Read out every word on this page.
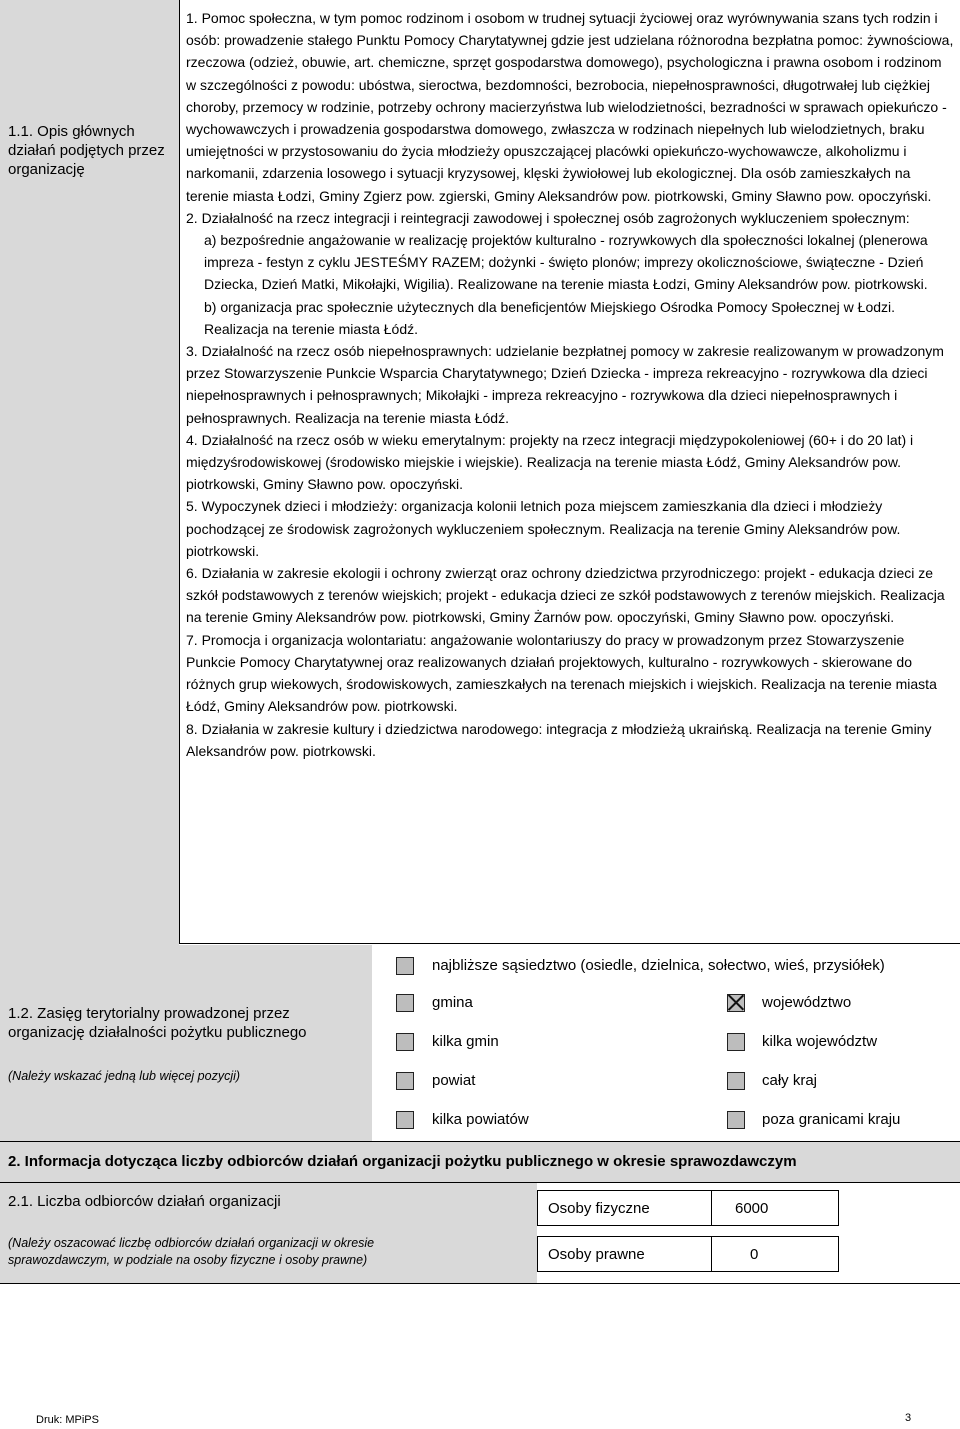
1.1. Opis głównych działań podjętych przez organizację

1. Pomoc społeczna, w tym pomoc rodzinom i osobom w trudnej sytuacji życiowej oraz wyrównywania szans tych rodzin i osób: prowadzenie stałego Punktu Pomocy Charytatywnej gdzie jest udzielana różnorodna bezpłatna pomoc: żywnościowa, rzeczowa (odzież, obuwie, art. chemiczne, sprzęt gospodarstwa domowego), psychologiczna i prawna osobom i rodzinom w szczególności z powodu: ubóstwa, sieroctwa, bezdomności, bezrobocia, niepełnosprawności, długotrwałej lub ciężkiej choroby, przemocy w rodzinie, potrzeby ochrony macierzyństwa lub wielodzietności, bezradności w sprawach opiekuńczo - wychowawczych i prowadzenia gospodarstwa domowego, zwłaszcza w rodzinach niepełnych lub wielodzietnych, braku umiejętności w przystosowaniu do życia młodzieży opuszczającej placówki opiekuńczo-wychowawcze, alkoholizmu i narkomanii, zdarzenia losowego i sytuacji kryzysowej, klęski żywiołowej lub ekologicznej. Dla osób zamieszkałych na terenie miasta Łodzi, Gminy Zgierz pow. zgierski, Gminy Aleksandrów pow. piotrkowski, Gminy Sławno pow. opoczyński.

2. Działalność na rzecz integracji i reintegracji zawodowej i społecznej osób zagrożonych wykluczeniem społecznym:

a) bezpośrednie angażowanie w realizację projektów kulturalno - rozrywkowych dla społeczności lokalnej (plenerowa impreza - festyn z cyklu JESTEŚMY RAZEM; dożynki - święto plonów; imprezy okolicznościowe, świąteczne - Dzień Dziecka, Dzień Matki, Mikołajki, Wigilia). Realizowane na terenie miasta Łodzi, Gminy Aleksandrów pow. piotrkowski.

b) organizacja prac społecznie użytecznych dla beneficjentów Miejskiego Ośrodka Pomocy Społecznej w Łodzi. Realizacja na terenie miasta Łódź.

3. Działalność na rzecz osób niepełnosprawnych: udzielanie bezpłatnej pomocy w zakresie realizowanym w prowadzonym przez Stowarzyszenie Punkcie Wsparcia Charytatywnego; Dzień Dziecka - impreza rekreacyjno - rozrywkowa dla dzieci niepełnosprawnych i pełnosprawnych; Mikołajki - impreza rekreacyjno - rozrywkowa dla dzieci niepełnosprawnych i pełnosprawnych. Realizacja na terenie miasta Łódź.

4. Działalność na rzecz osób w wieku emerytalnym: projekty na rzecz integracji międzypokoleniowej (60+ i do 20 lat) i międzyśrodowiskowej (środowisko miejskie i wiejskie). Realizacja na terenie miasta Łódź, Gminy Aleksandrów pow. piotrkowski, Gminy Sławno pow. opoczyński.

5. Wypoczynek dzieci i młodzieży: organizacja kolonii letnich poza miejscem zamieszkania dla dzieci i młodzieży pochodzącej ze środowisk zagrożonych wykluczeniem społecznym. Realizacja na terenie Gminy Aleksandrów pow. piotrkowski.

6. Działania w zakresie ekologii i ochrony zwierząt oraz ochrony dziedzictwa przyrodniczego: projekt - edukacja dzieci ze szkół podstawowych z terenów wiejskich; projekt - edukacja dzieci ze szkół podstawowych z terenów miejskich. Realizacja na terenie Gminy Aleksandrów pow. piotrkowski, Gminy Żarnów pow. opoczyński, Gminy Sławno pow. opoczyński.

7. Promocja i organizacja wolontariatu: angażowanie wolontariuszy do pracy w prowadzonym przez Stowarzyszenie Punkcie Pomocy Charytatywnej oraz realizowanych działań projektowych, kulturalno - rozrywkowych - skierowane do różnych grup wiekowych, środowiskowych, zamieszkałych na terenach miejskich i wiejskich. Realizacja na terenie miasta Łódź, Gminy Aleksandrów pow. piotrkowski.

8. Działania w zakresie kultury i dziedzictwa narodowego: integracja z młodzieżą ukraińską. Realizacja na terenie Gminy Aleksandrów pow. piotrkowski.

1.2. Zasięg terytorialny prowadzonej przez organizację działalności pożytku publicznego
(Należy wskazać jedną lub więcej pozycji)
najbliższe sąsiedztwo (osiedle, dzielnica, sołectwo, wieś, przysiółek)
gmina
kilka gmin
powiat
kilka powiatów
województwo
kilka województw
cały kraj
poza granicami kraju
2. Informacja dotycząca liczby odbiorców działań organizacji pożytku publicznego w okresie sprawozdawczym
2.1. Liczba odbiorców działań organizacji
(Należy oszacować liczbę odbiorców działań organizacji w okresie sprawozdawczym, w podziale na osoby fizyczne i osoby prawne)
Osoby fizyczne	6000
Osoby prawne	0
Druk: MPiPS	3
